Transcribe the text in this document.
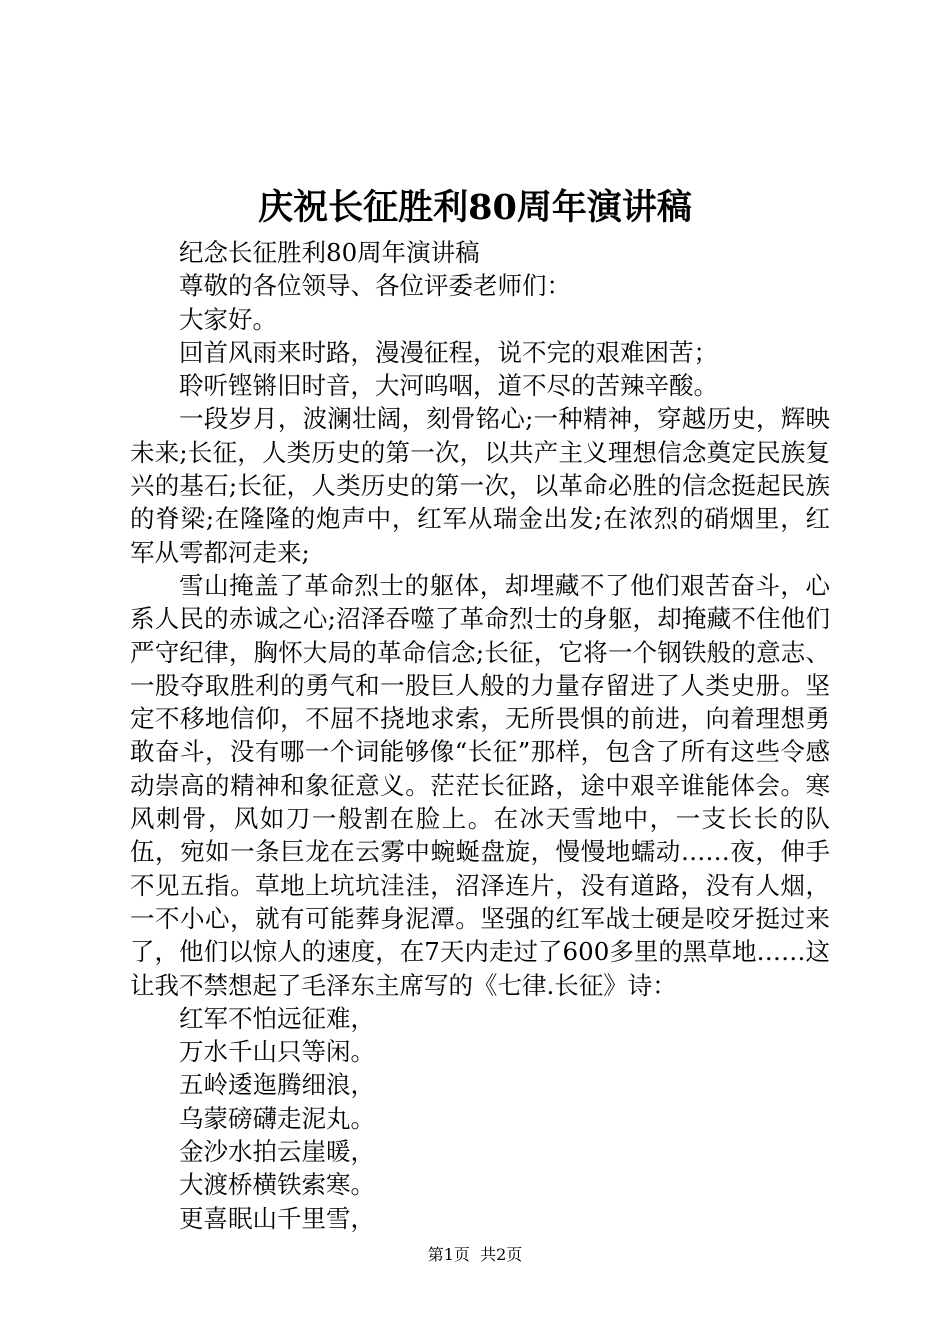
庆祝长征胜利80周年演讲稿

纪念长征胜利80周年演讲稿

尊敬的各位领导、各位评委老师们：

大家好。

回首风雨来时路，漫漫征程，说不完的艰难困苦；

聆听铿锵旧时音，大河呜咽，道不尽的苦辣辛酸。

一段岁月，波澜壮阔，刻骨铭心;一种精神，穿越历史，辉映未来;长征，人类历史的第一次，以共产主义理想信念奠定民族复兴的基石;长征，人类历史的第一次，以革命必胜的信念挺起民族的脊梁;在隆隆的炮声中，红军从瑞金出发;在浓烈的硝烟里，红军从雩都河走来;

雪山掩盖了革命烈士的躯体，却埋藏不了他们艰苦奋斗，心系人民的赤诚之心;沼泽吞噬了革命烈士的身躯，却掩藏不住他们严守纪律，胸怀大局的革命信念;长征，它将一个钢铁般的意志、一股夺取胜利的勇气和一股巨人般的力量存留进了人类史册。坚定不移地信仰，不屈不挠地求索，无所畏惧的前进，向着理想勇敢奋斗，没有哪一个词能够像“长征”那样，包含了所有这些令感动崇高的精神和象征意义。茫茫长征路，途中艰辛谁能体会。寒风刺骨，风如刀一般割在脸上。在冰天雪地中，一支长长的队伍，宛如一条巨龙在云雾中蜿蜒盘旋，慢慢地蠕动……夜，伸手不见五指。草地上坑坑洼洼，沼泽连片，没有道路，没有人烟，一不小心，就有可能葬身泥潭。坚强的红军战士硬是咬牙挺过来了，他们以惊人的速度，在7天内走过了600多里的黑草地……这让我不禁想起了毛泽东主席写的《七律.长征》诗：

红军不怕远征难，

万水千山只等闲。

五岭逶迤腾细浪，

乌蒙磅礴走泥丸。

金沙水拍云崖暖，

大渡桥横铁索寒。

更喜眠山千里雪，

第1页 共2页
